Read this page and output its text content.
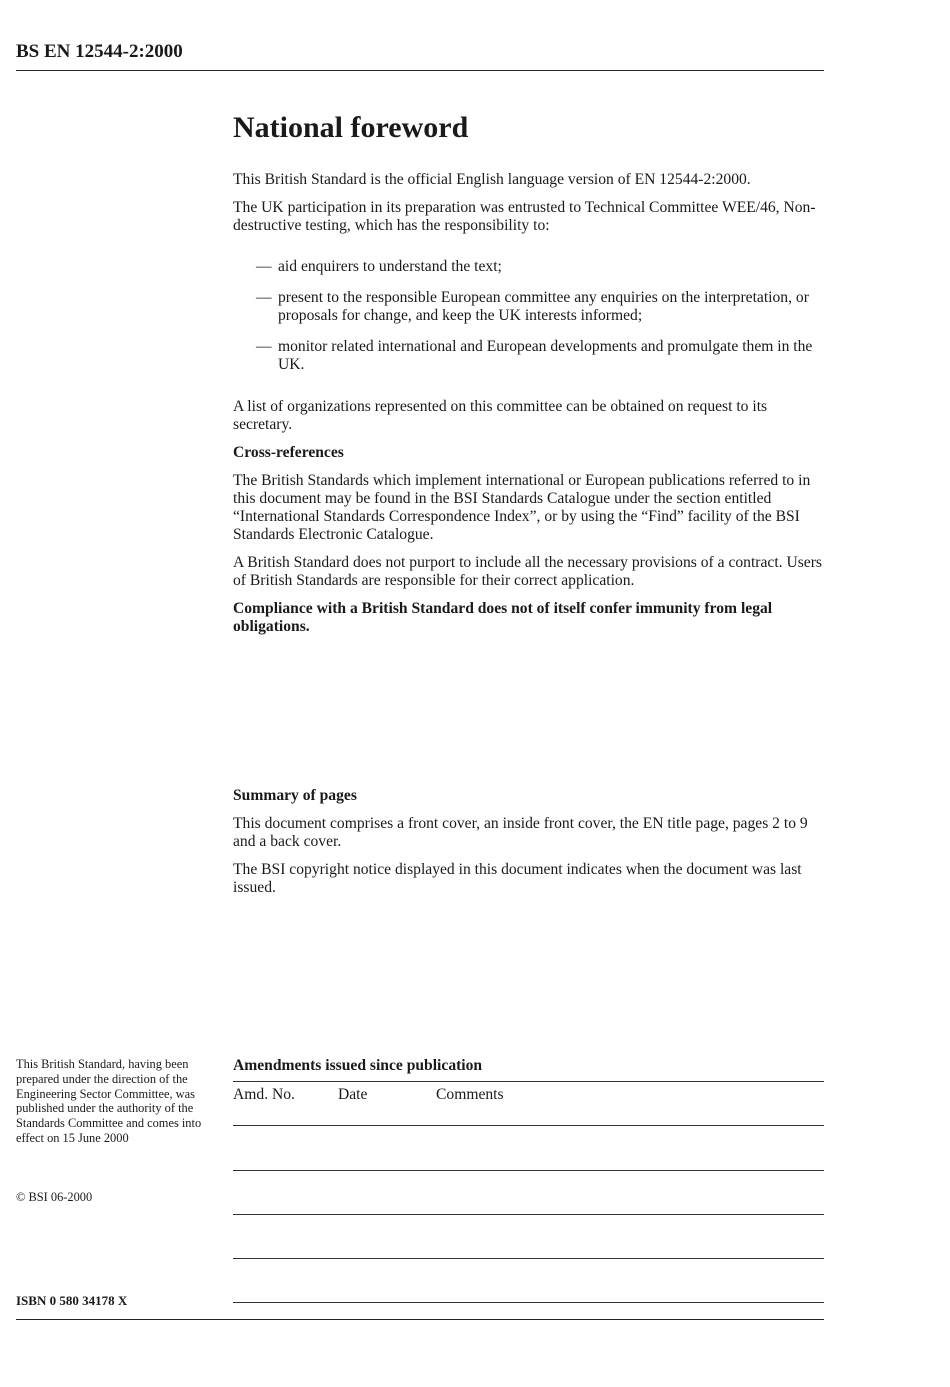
BS EN 12544-2:2000
National foreword
This British Standard is the official English language version of EN 12544-2:2000.
The UK participation in its preparation was entrusted to Technical Committee WEE/46, Non-destructive testing, which has the responsibility to:
— aid enquirers to understand the text;
— present to the responsible European committee any enquiries on the interpretation, or proposals for change, and keep the UK interests informed;
— monitor related international and European developments and promulgate them in the UK.
A list of organizations represented on this committee can be obtained on request to its secretary.
Cross-references
The British Standards which implement international or European publications referred to in this document may be found in the BSI Standards Catalogue under the section entitled “International Standards Correspondence Index”, or by using the “Find” facility of the BSI Standards Electronic Catalogue.
A British Standard does not purport to include all the necessary provisions of a contract. Users of British Standards are responsible for their correct application.
Compliance with a British Standard does not of itself confer immunity from legal obligations.
Summary of pages
This document comprises a front cover, an inside front cover, the EN title page, pages 2 to 9 and a back cover.
The BSI copyright notice displayed in this document indicates when the document was last issued.
This British Standard, having been prepared under the direction of the Engineering Sector Committee, was published under the authority of the Standards Committee and comes into effect on 15 June 2000
© BSI 06-2000
ISBN 0 580 34178 X
Amendments issued since publication
Amd. No.	Date	Comments
